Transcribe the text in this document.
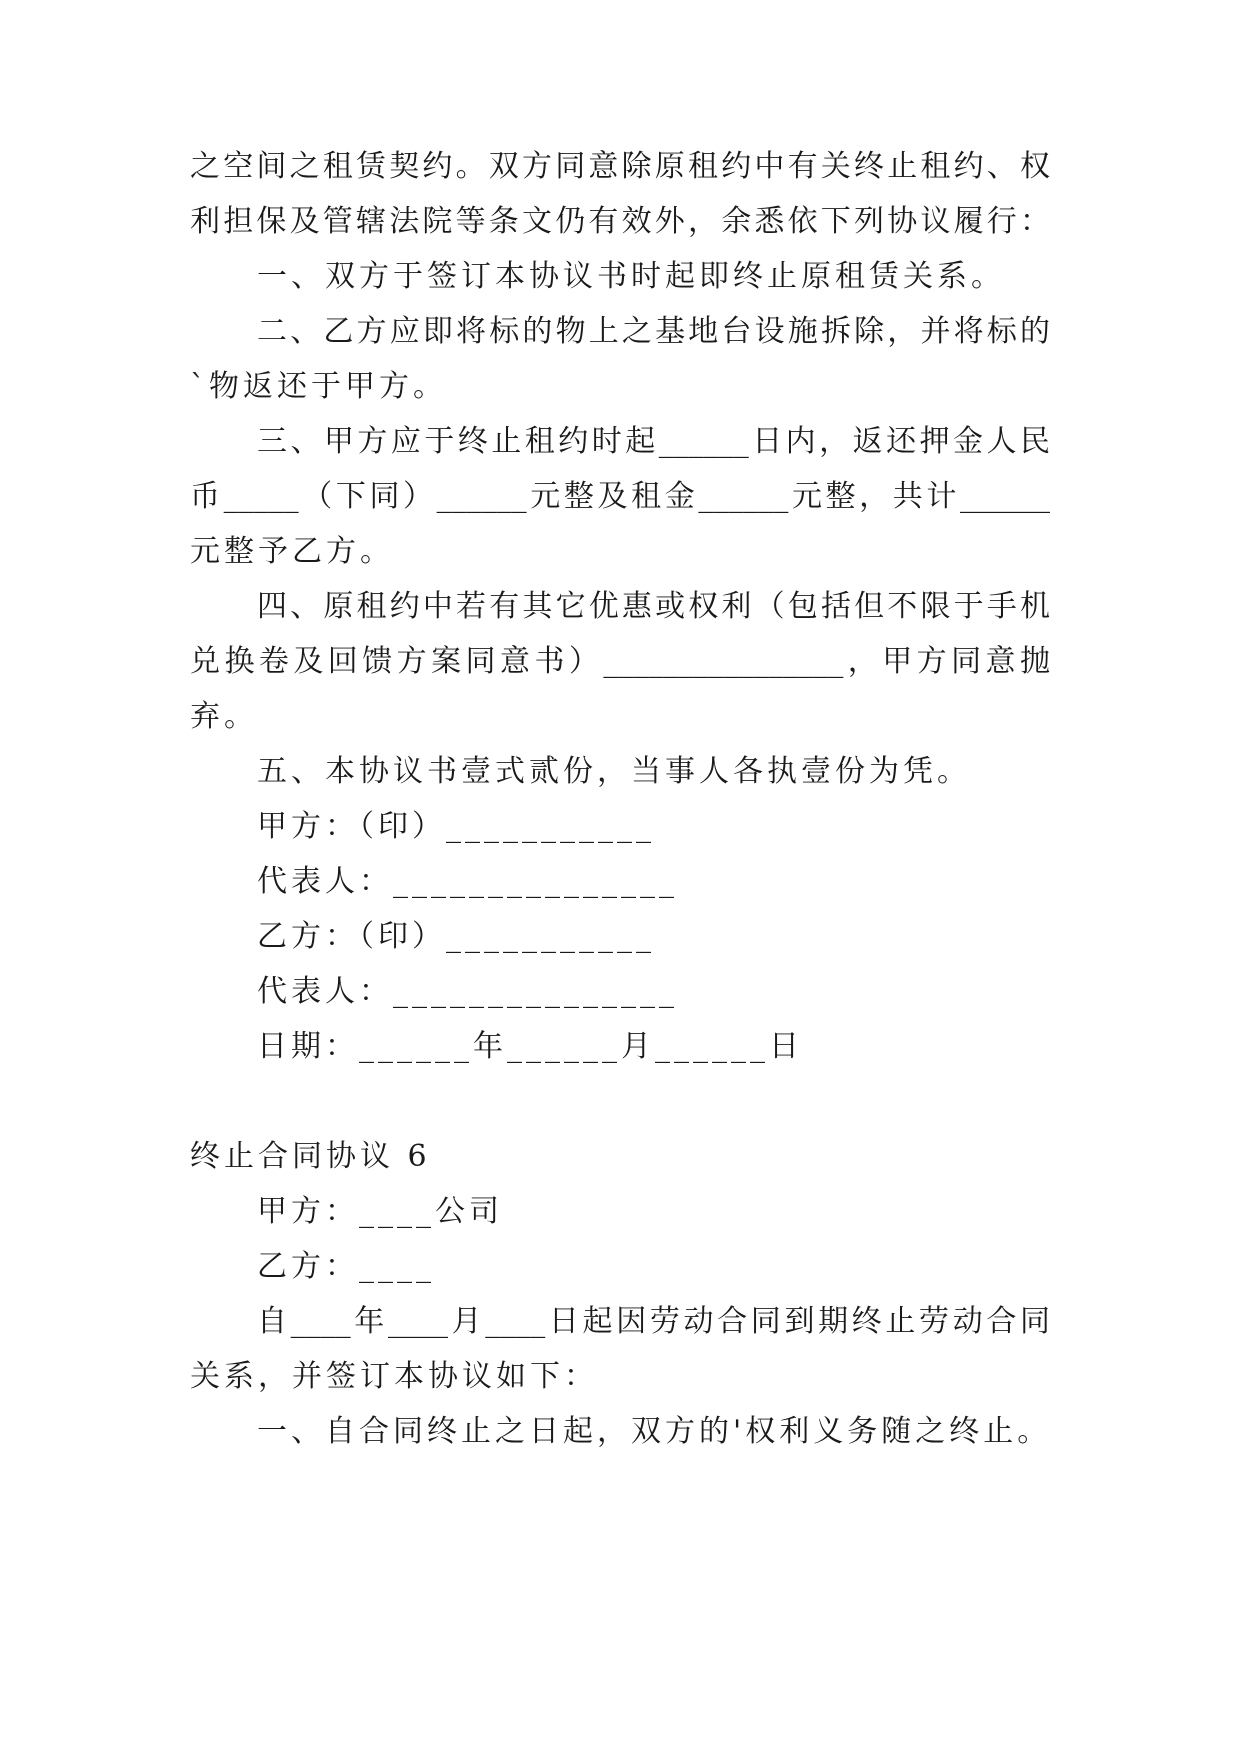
之空间之租赁契约。双方同意除原租约中有关终止租约、权
利担保及管辖法院等条文仍有效外，余悉依下列协议履行：
一、双方于签订本协议书时起即终止原租赁关系。
二、乙方应即将标的物上之基地台设施拆除，并将标的
`物返还于甲方。
三、甲方应于终止租约时起______日内，返还押金人民
币_____（下同）______元整及租金______元整，共计______
元整予乙方。
四、原租约中若有其它优惠或权利（包括但不限于手机
兑换卷及回馈方案同意书）________________，甲方同意抛
弃。
五、本协议书壹式贰份，当事人各执壹份为凭。
甲方：（印）___________
代表人：_______________
乙方：（印）___________
代表人：_______________
日期：______年______月______日
终止合同协议 6
甲方：____公司
乙方：____
自____年____月____日起因劳动合同到期终止劳动合同
关系，并签订本协议如下：
一、自合同终止之日起，双方的'权利义务随之终止。
